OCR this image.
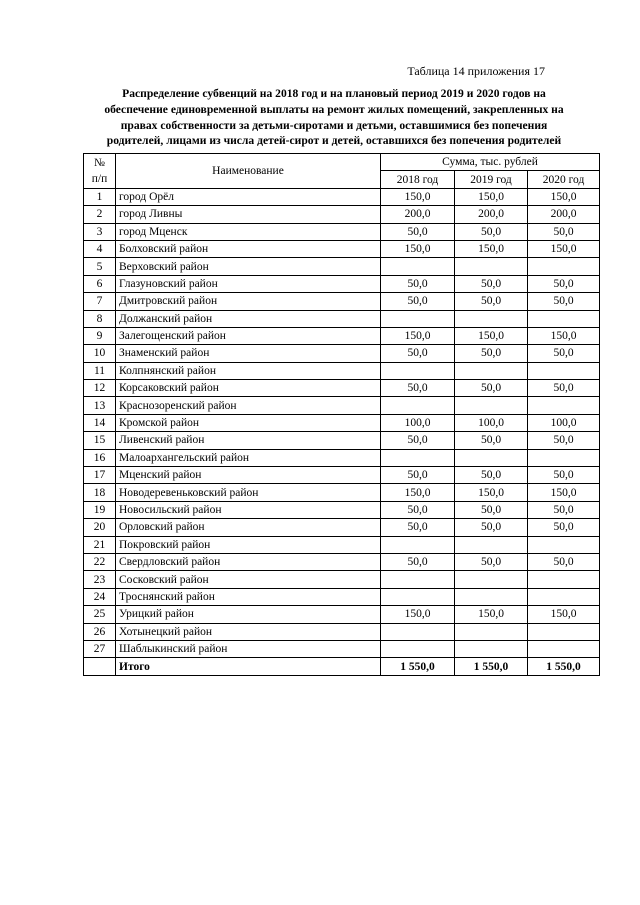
Таблица 14 приложения 17
Распределение субвенций на 2018 год и на плановый период 2019 и 2020 годов на
обеспечение единовременной выплаты на ремонт жилых помещений, закрепленных на
правах собственности за детьми-сиротами и детьми, оставшимися без попечения
родителей, лицами из числа детей-сирот и детей, оставшихся без попечения родителей
№
п/п	Наименование	Сумма, тыс. рублей		
		2018 год	2019 год	2020 год
1	город Орёл	150,0	150,0	150,0
2	город Ливны	200,0	200,0	200,0
3	город Мценск	50,0	50,0	50,0
4	Болховский район	150,0	150,0	150,0
5	Верховский район			
6	Глазуновский район	50,0	50,0	50,0
7	Дмитровский район	50,0	50,0	50,0
8	Должанский район			
9	Залегощенский район	150,0	150,0	150,0
10	Знаменский район	50,0	50,0	50,0
11	Колпнянский район			
12	Корсаковский район	50,0	50,0	50,0
13	Краснозоренский район			
14	Кромской район	100,0	100,0	100,0
15	Ливенский район	50,0	50,0	50,0
16	Малоархангельский район			
17	Мценский район	50,0	50,0	50,0
18	Новодеревеньковский район	150,0	150,0	150,0
19	Новосильский район	50,0	50,0	50,0
20	Орловский район	50,0	50,0	50,0
21	Покровский район			
22	Свердловский район	50,0	50,0	50,0
23	Сосковский район			
24	Троснянский район			
25	Урицкий район	150,0	150,0	150,0
26	Хотынецкий район			
27	Шаблыкинский район			
	Итого	1 550,0	1 550,0	1 550,0
